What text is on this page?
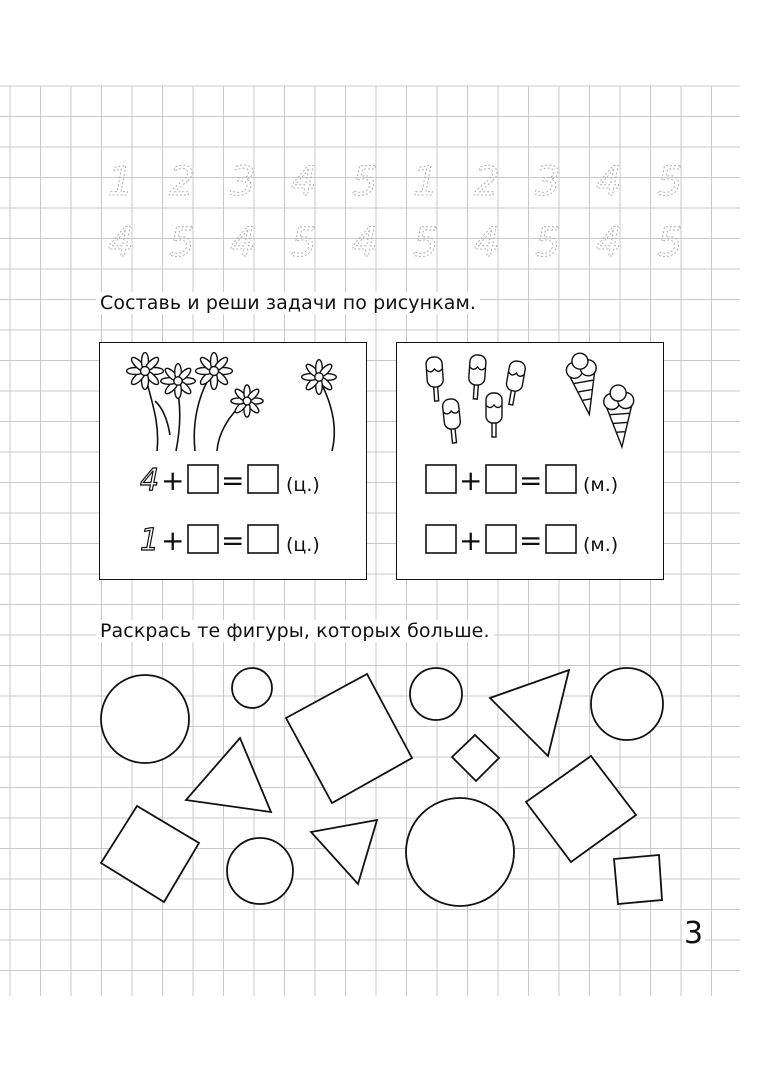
1 2 3 4 5 1 2 3 4 5
4 5 4 5 4 5 4 5 4 5
Составь и реши задачи по рисункам.
4 + = (ц.)
1 + = (ц.)
+ = (м.)
+ = (м.)
Раскрась те фигуры, которых больше.
3
